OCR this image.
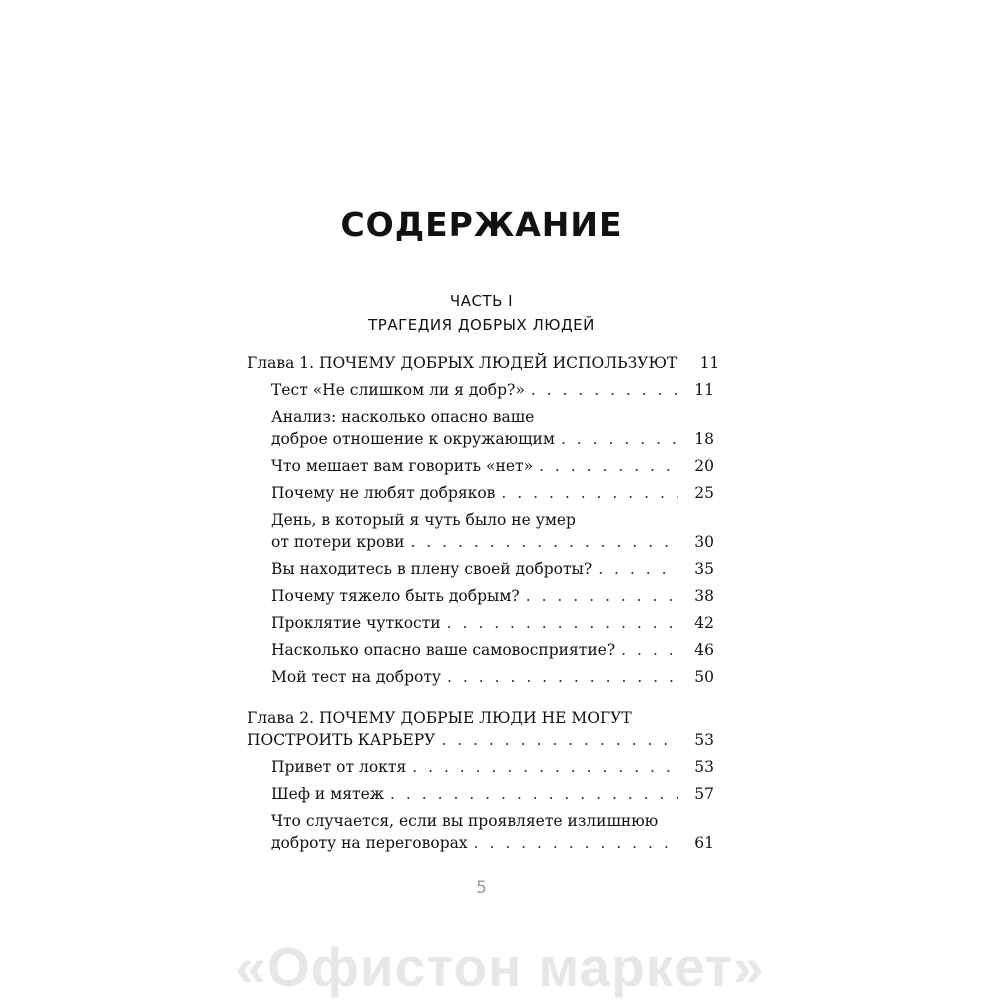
СОДЕРЖАНИЕ
ЧАСТЬ I
ТРАГЕДИЯ ДОБРЫХ ЛЮДЕЙ
Глава 1. ПОЧЕМУ ДОБРЫХ ЛЮДЕЙ ИСПОЛЬЗУЮТ	11
Тест «Не слишком ли я добр?» . . .	11
Анализ: насколько опасно ваше
доброе отношение к окружающим . . .	18
Что мешает вам говорить «нет» . . .	20
Почему не любят добряков . . .	25
День, в который я чуть было не умер
от потери крови . . .	30
Вы находитесь в плену своей доброты? . . .	35
Почему тяжело быть добрым? . . .	38
Проклятие чуткости . . .	42
Насколько опасно ваше самовосприятие? . . .	46
Мой тест на доброту . . .	50
Глава 2. ПОЧЕМУ ДОБРЫЕ ЛЮДИ НЕ МОГУТ
ПОСТРОИТЬ КАРЬЕРУ . . .	53
Привет от локтя . . .	53
Шеф и мятеж . . .	57
Что случается, если вы проявляете излишнюю
доброту на переговорах . . .	61
5
«Офистон маркет»
